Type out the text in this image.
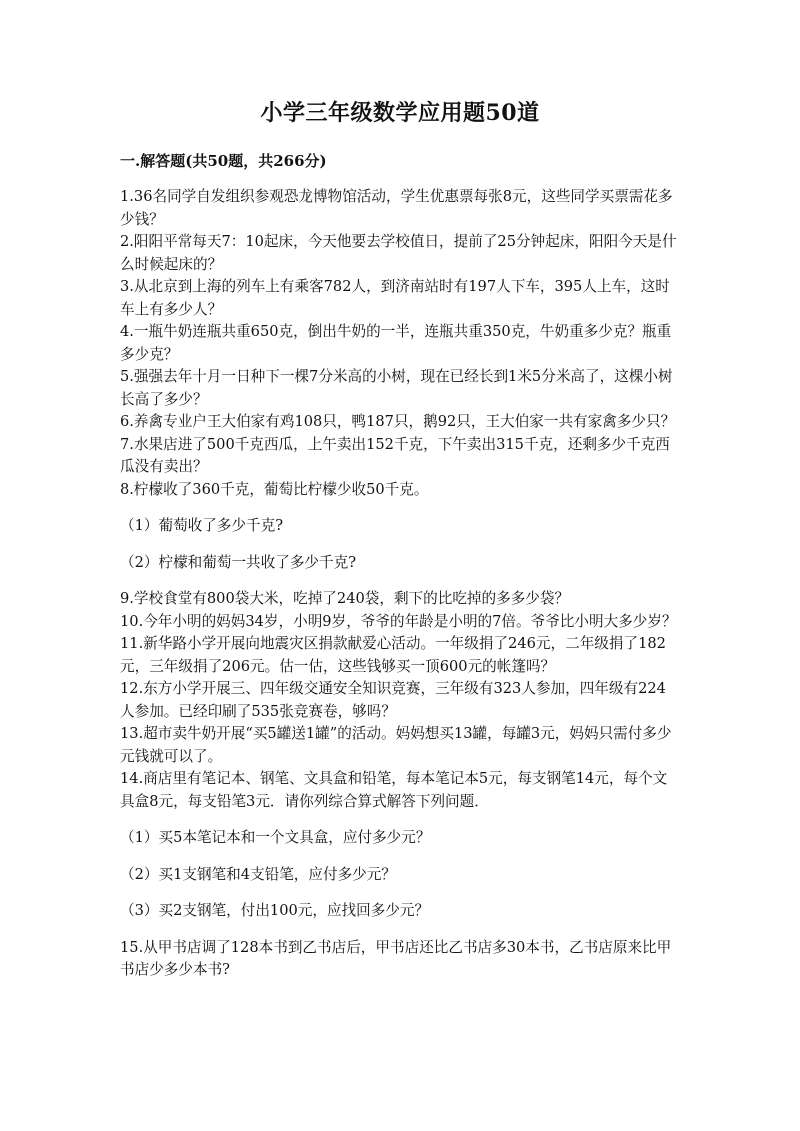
小学三年级数学应用题50道
一.解答题(共50题，共266分)

1.36名同学自发组织参观恐龙博物馆活动，学生优惠票每张8元，这些同学买票需花多少钱？

2.阳阳平常每天7：10起床，今天他要去学校值日，提前了25分钟起床，阳阳今天是什么时候起床的？

3.从北京到上海的列车上有乘客782人，到济南站时有197人下车，395人上车，这时车上有多少人？

4.一瓶牛奶连瓶共重650克，倒出牛奶的一半，连瓶共重350克，牛奶重多少克？瓶重多少克？

5.强强去年十月一日种下一棵7分米高的小树，现在已经长到1米5分米高了，这棵小树长高了多少？

6.养禽专业户王大伯家有鸡108只，鸭187只，鹅92只，王大伯家一共有家禽多少只？

7.水果店进了500千克西瓜，上午卖出152千克，下午卖出315千克，还剩多少千克西瓜没有卖出？

8.柠檬收了360千克，葡萄比柠檬少收50千克。

（1）葡萄收了多少千克?

（2）柠檬和葡萄一共收了多少千克?

9.学校食堂有800袋大米，吃掉了240袋，剩下的比吃掉的多多少袋？

10.今年小明的妈妈34岁，小明9岁，爷爷的年龄是小明的7倍。爷爷比小明大多少岁？

11.新华路小学开展向地震灾区捐款献爱心活动。一年级捐了246元，二年级捐了182元，三年级捐了206元。估一估，这些钱够买一顶600元的帐篷吗？

12.东方小学开展三、四年级交通安全知识竞赛，三年级有323人参加，四年级有224人参加。已经印刷了535张竞赛卷，够吗？

13.超市卖牛奶开展“买5罐送1罐”的活动。妈妈想买13罐，每罐3元，妈妈只需付多少元钱就可以了。

14.商店里有笔记本、钢笔、文具盒和铅笔，每本笔记本5元，每支钢笔14元，每个文具盒8元，每支铅笔3元．请你列综合算式解答下列问题．

（1）买5本笔记本和一个文具盒，应付多少元？

（2）买1支钢笔和4支铅笔，应付多少元？

（3）买2支钢笔，付出100元，应找回多少元？

15.从甲书店调了128本书到乙书店后，甲书店还比乙书店多30本书，乙书店原来比甲书店少多少本书?
